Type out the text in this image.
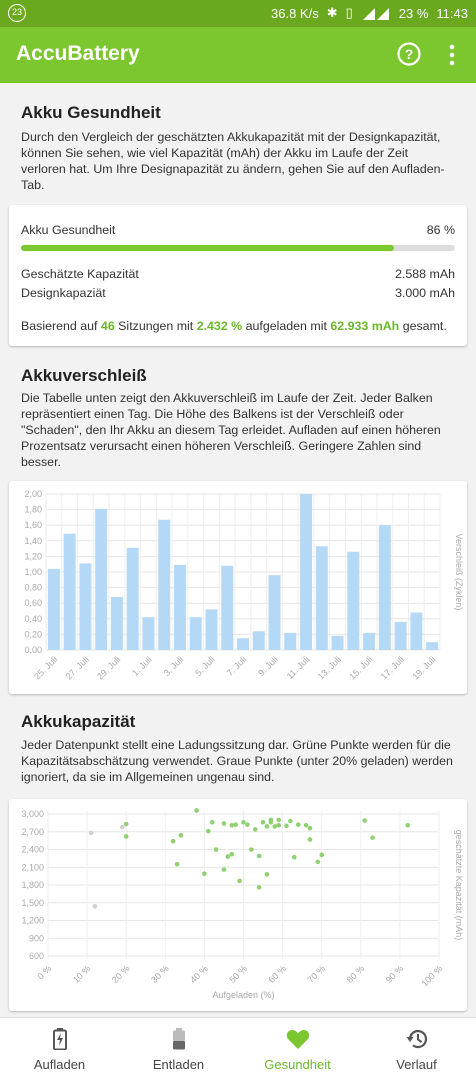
23	36.8 K/s ✱ ▯	23 % 11:43
AccuBattery	?
Akku Gesundheit
Durch den Vergleich der geschätzten Akkukapazität mit der Designkapazität, können Sie sehen, wie viel Kapazität (mAh) der Akku im Laufe der Zeit verloren hat. Um Ihre Designapazität zu ändern, gehen Sie auf den Aufladen-Tab.
Akku Gesundheit	86 %
Geschätzte Kapazität	2.588 mAh
Designkapaziät	3.000 mAh
Basierend auf
46
Sitzungen mit
2.432 %
aufgeladen mit
62.933 mAh
gesamt.
Akkuverschleiß
Die Tabelle unten zeigt den Akkuverschleiß im Laufe der Zeit. Jeder Balken repräsentiert einen Tag. Die Höhe des Balkens ist der Verschleiß oder "Schaden", den Ihr Akku an diesem Tag erleidet. Aufladen auf einen höheren Prozentsatz verursacht einen höheren Verschleiß. Geringere Zahlen sind besser.
0,00
0,20
0,40
0,60
0,80
1,00
1,20
1,40
1,60
1,80
2,00
25. Juli 27. Juli 29. Juli 1. Juli 3. Juli 5. Juli 7. Juli 9. Juli 11. Juli 13. Juli 15. Juli 17. Juli 19. Juli
Verschleiß (Zyklen)
Akkukapazität
Jeder Datenpunkt stellt eine Ladungssitzung dar. Grüne Punkte werden für die Kapazitätsabschätzung verwendet. Graue Punkte (unter 20% geladen) werden ignoriert, da sie im Allgemeinen ungenau sind.
600
900
1,200
1,500
1,800
2,100
2,400
2,700
3,000
0 % 10 % 20 % 30 % 40 % 50 % 60 % 70 % 80 % 90 % 100 %
Aufgeladen (%)
geschätzte Kapazität (mAh)
Aufladen	Entladen	Gesundheit	Verlauf
